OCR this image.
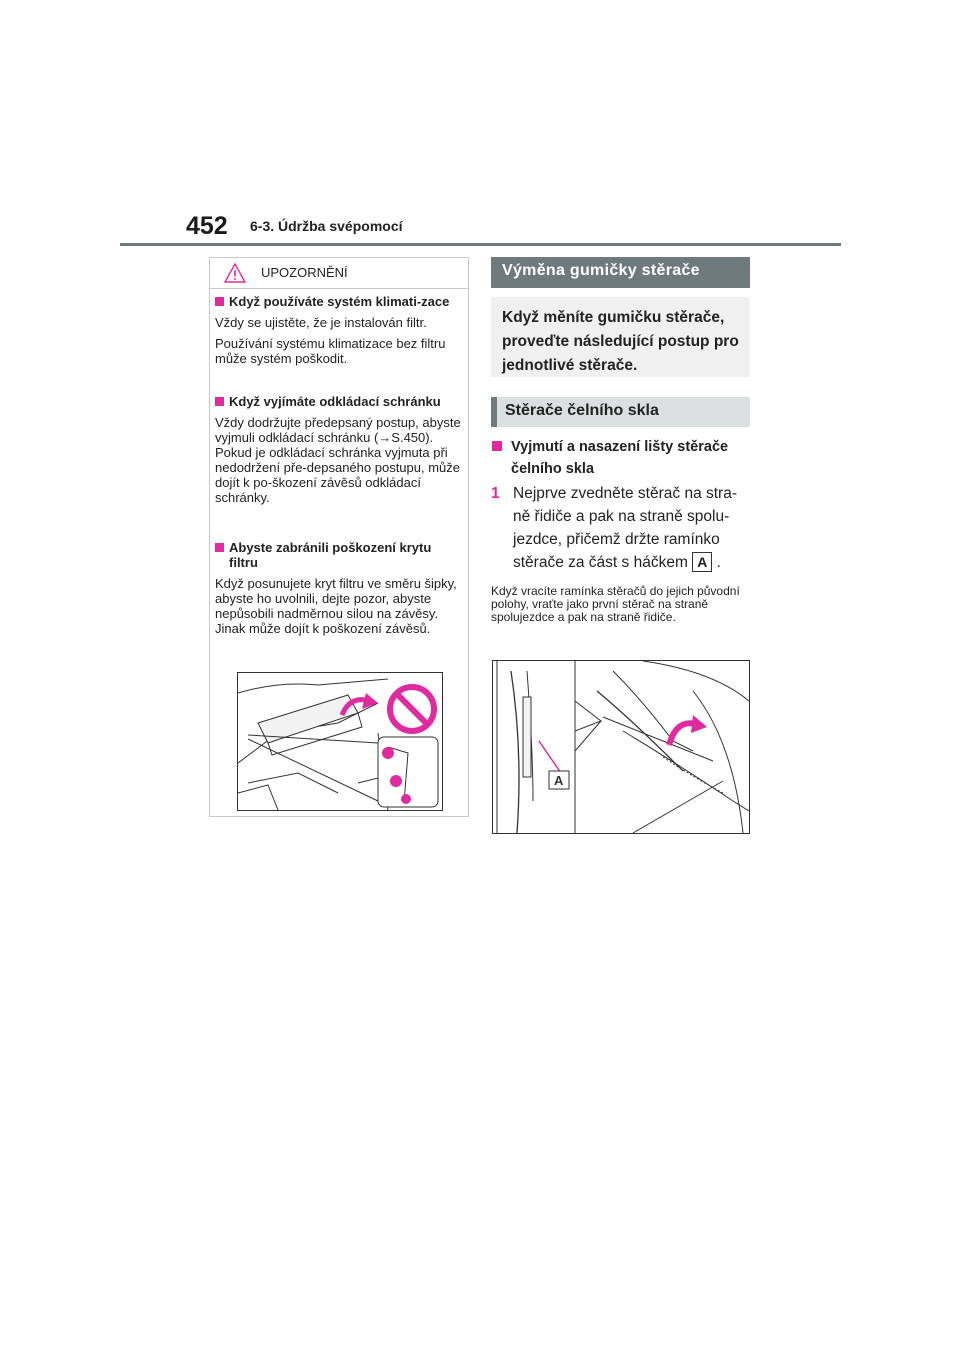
452 6-3. Údržba svépomocí
UPOZORNĚNÍ
Když používáte systém klimati-zace

Vždy se ujistěte, že je instalován filtr.

Používání systému klimatizace bez filtru může systém poškodit.

Když vyjímáte odkládací schránku

Vždy dodržujte předepsaný postup, abyste vyjmuli odkládací schránku (→S.450). Pokud je odkládací schránka vyjmuta při nedodržení pře-depsaného postupu, může dojít k po-škození závěsů odkládací schránky.

Abyste zabránili poškození krytu filtru

Když posunujete kryt filtru ve směru šipky, abyste ho uvolnili, dejte pozor, abyste nepůsobili nadměrnou silou na závěsy. Jinak může dojít k poškození závěsů.

Výměna gumičky stěrače
Když měníte gumičku stěrače, proveďte následující postup pro jednotlivé stěrače.
Stěrače čelního skla
Vyjmutí a nasazení lišty stěrače čelního skla
1 Nejprve zvedněte stěrač na stra-ně řidiče a pak na straně spolu-jezdce, přičemž držte ramínko stěrače za část s háčkem A .
Když vracíte ramínka stěračů do jejich původní polohy, vraťte jako první stěrač na straně spolujezdce a pak na straně řidiče.
A
